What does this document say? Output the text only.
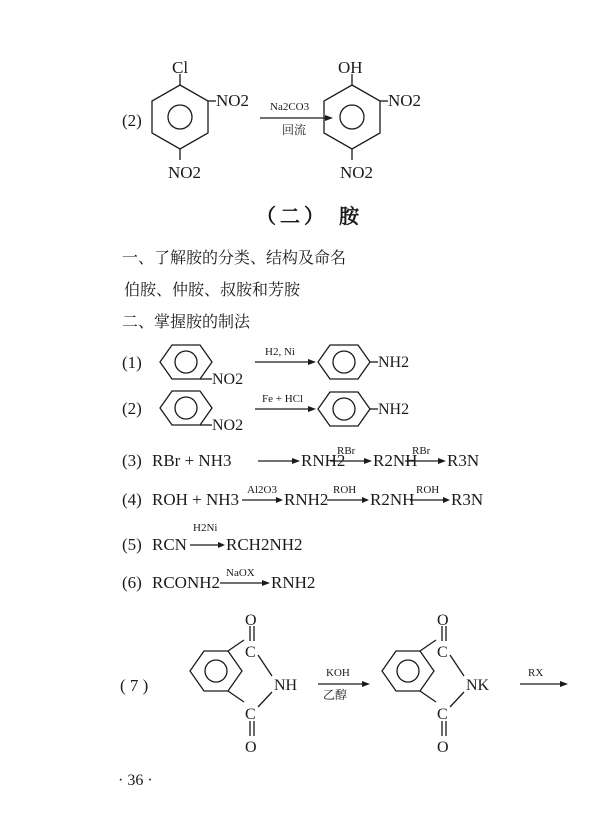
(2)
Cl
NO2
NO2
Na2CO3
回流
OH
NO2
NO2
（二） 胺
一、了解胺的分类、结构及命名
伯胺、仲胺、叔胺和芳胺
二、掌握胺的制法
(1)
NO2
H2, Ni
NH2
NO2
Fe + HCl
NH2
(2)
(3) RBr + NH3	RBr	RBr
RNH2 R2NH R3N
(4) ROH + NH3 Al2O3	ROH	ROH
RNH2 R2NH R3N
(5) RCN
H2Ni
RCH2NH2
(6) RCONH2 NaOX RNH2
( 7 )
O
C
NH
C
O
KOH
乙醇
O
C
NK
C
O
RX
· 36 ·
